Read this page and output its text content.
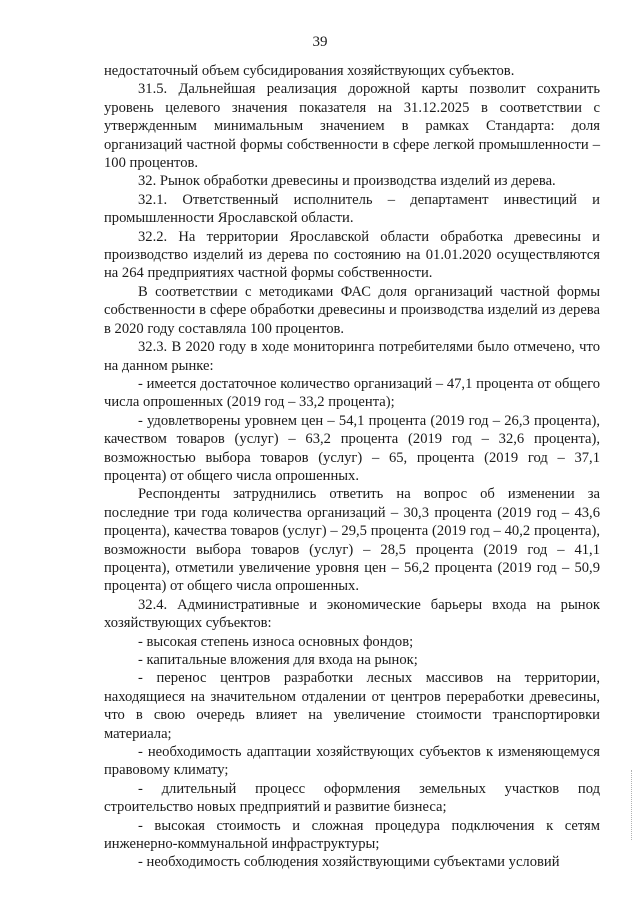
39

недостаточный объем субсидирования хозяйствующих субъектов.

31.5. Дальнейшая реализация дорожной карты позволит сохранить уровень целевого значения показателя на 31.12.2025 в соответствии с утвержденным минимальным значением в рамках Стандарта: доля организаций частной формы собственности в сфере легкой промышленности – 100 процентов.

32. Рынок обработки древесины и производства изделий из дерева.

32.1. Ответственный исполнитель – департамент инвестиций и промышленности Ярославской области.

32.2. На территории Ярославской области обработка древесины и производство изделий из дерева по состоянию на 01.01.2020 осуществляются на 264 предприятиях частной формы собственности.

В соответствии с методиками ФАС доля организаций частной формы собственности в сфере обработки древесины и производства изделий из дерева в 2020 году составляла 100 процентов.

32.3. В 2020 году в ходе мониторинга потребителями было отмечено, что на данном рынке:

- имеется достаточное количество организаций – 47,1 процента от общего числа опрошенных (2019 год – 33,2 процента);

- удовлетворены уровнем цен – 54,1 процента (2019 год – 26,3 процента), качеством товаров (услуг) – 63,2 процента (2019 год – 32,6 процента), возможностью выбора товаров (услуг) – 65, процента (2019 год – 37,1 процента) от общего числа опрошенных.

Респонденты затруднились ответить на вопрос об изменении за последние три года количества организаций – 30,3 процента (2019 год – 43,6 процента), качества товаров (услуг) – 29,5 процента (2019 год – 40,2 процента), возможности выбора товаров (услуг) – 28,5 процента (2019 год – 41,1 процента), отметили увеличение уровня цен – 56,2 процента (2019 год – 50,9 процента) от общего числа опрошенных.

32.4. Административные и экономические барьеры входа на рынок хозяйствующих субъектов:

- высокая степень износа основных фондов;

- капитальные вложения для входа на рынок;

- перенос центров разработки лесных массивов на территории, находящиеся на значительном отдалении от центров переработки древесины, что в свою очередь влияет на увеличение стоимости транспортировки материала;

- необходимость адаптации хозяйствующих субъектов к изменяющемуся правовому климату;

- длительный процесс оформления земельных участков под строительство новых предприятий и развитие бизнеса;

- высокая стоимость и сложная процедура подключения к сетям инженерно-коммунальной инфраструктуры;

- необходимость соблюдения хозяйствующими субъектами условий
